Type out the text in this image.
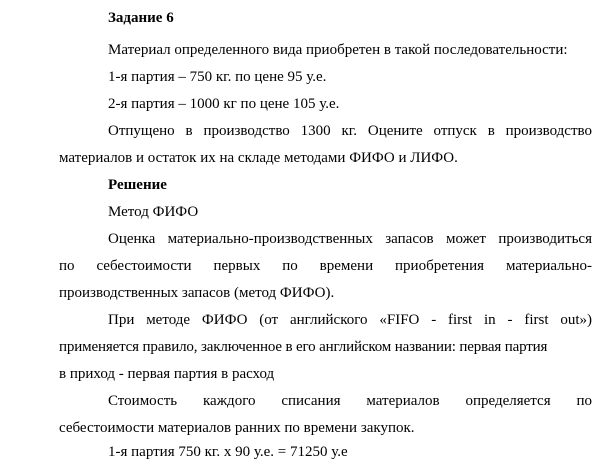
Задание 6
Материал определенного вида приобретен в такой последовательности:
1-я партия – 750 кг. по цене 95 у.е.
2-я партия – 1000 кг по цене 105 у.е.
Отпущено в производство 1300 кг. Оцените отпуск в производство
материалов и остаток их на складе методами ФИФО и ЛИФО.
Решение
Метод ФИФО
Оценка материально-производственных запасов может производиться
по себестоимости первых по времени приобретения материально-
производственных запасов (метод ФИФО).
При методе ФИФО (от английского «FIFO - first in - first out»)
применяется правило, заключенное в его английском названии: первая партия
в приход - первая партия в расход
Стоимость каждого списания материалов определяется по
себестоимости материалов ранних по времени закупок.
1-я партия 750 кг. х 90 у.е. = 71250 у.е
